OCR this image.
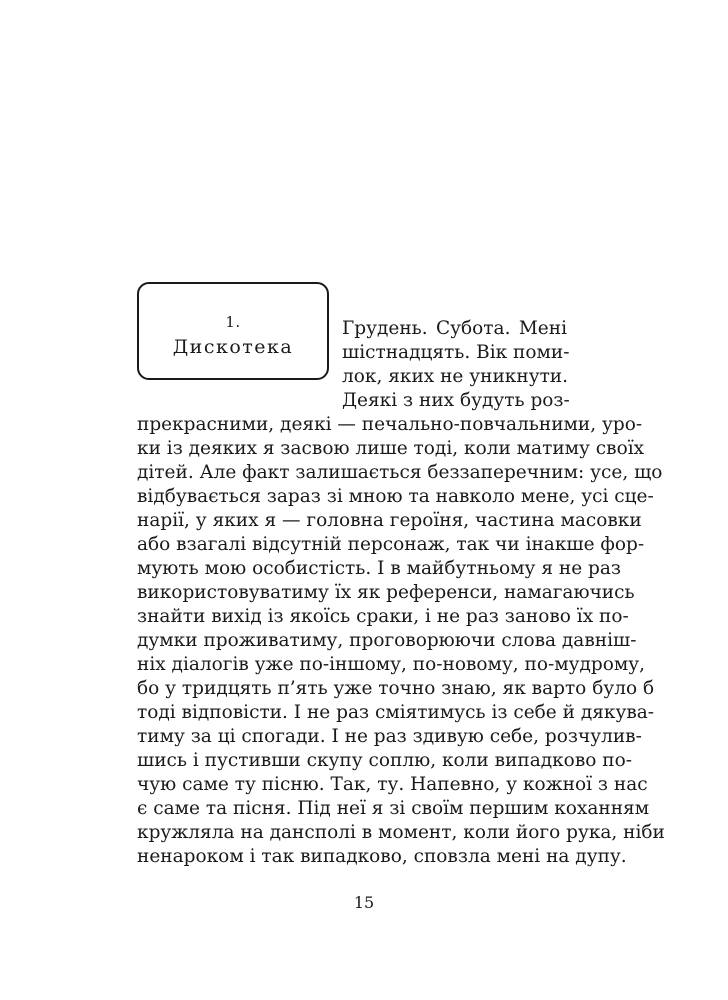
1.
Дискотека
Грудень. Субота. Мені
шістнадцять. Вік поми-
лок, яких не уникнути.
Деякі з них будуть роз-
прекрасними, деякі — печально-повчальними, уро-
ки із деяких я засвою лише тоді, коли матиму своїх
дітей. Але факт залишається беззаперечним: усе, що
відбувається зараз зі мною та навколо мене, усі сце-
нарії, у яких я — головна героїня, частина масовки
або взагалі відсутній персонаж, так чи інакше фор-
мують мою особистість. І в майбутньому я не раз
використовуватиму їх як референси, намагаючись
знайти вихід із якоїсь сраки, і не раз заново їх по-
думки проживатиму, проговорюючи слова давніш-
ніх діалогів уже по-іншому, по-новому, по-мудрому,
бо у тридцять п’ять уже точно знаю, як варто було б
тоді відповісти. І не раз сміятимусь із себе й дякува-
тиму за ці спогади. І не раз здивую себе, розчулив-
шись і пустивши скупу соплю, коли випадково по-
чую саме ту пісню. Так, ту. Напевно, у кожної з нас
є саме та пісня. Під неї я зі своїм першим коханням
кружляла на дансполі в момент, коли його рука, ніби
ненароком і так випадково, сповзла мені на дупу.
15
